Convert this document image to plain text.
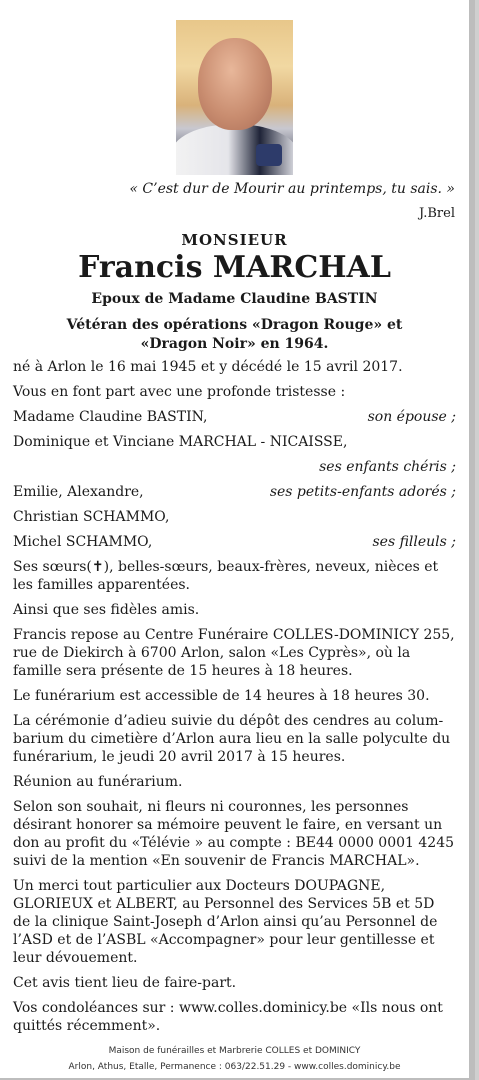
« C’est dur de Mourir au printemps, tu sais. »
J.Brel
MONSIEUR
Francis MARCHAL
Epoux de Madame Claudine BASTIN
Vétéran des opérations «Dragon Rouge» et
«Dragon Noir» en 1964.

né à Arlon le 16 mai 1945 et y décédé le 15 avril 2017.

Vous en font part avec une profonde tristesse :

Madame Claudine BASTIN,	son épouse ;
Dominique et Vinciane MARCHAL - NICAISSE,
ses enfants chéris ;
Emilie, Alexandre,	ses petits-enfants adorés ;
Christian SCHAMMO,
Michel SCHAMMO,	ses filleuls ;

Ses sœurs(✝), belles-sœurs, beaux-frères, neveux, nièces et les familles apparentées.

Ainsi que ses fidèles amis.

Francis repose au Centre Funéraire COLLES-DOMINICY 255, rue de Diekirch à 6700 Arlon, salon «Les Cyprès», où la famille sera présente de 15 heures à 18 heures.

Le funérarium est accessible de 14 heures à 18 heures 30.

La cérémonie d’adieu suivie du dépôt des cendres au colum- barium du cimetière d’Arlon aura lieu en la salle polyculte du funérarium, le jeudi 20 avril 2017 à 15 heures.

Réunion au funérarium.

Selon son souhait, ni fleurs ni couronnes, les personnes désirant honorer sa mémoire peuvent le faire, en versant un don au profit du «Télévie » au compte : BE44 0000 0001 4245 suivi de la mention «En souvenir de Francis MARCHAL».

Un merci tout particulier aux Docteurs DOUPAGNE, GLORIEUX et ALBERT, au Personnel des Services 5B et 5D de la clinique Saint-Joseph d’Arlon ainsi qu’au Personnel de l’ASD et de l’ASBL «Accompagner» pour leur gentillesse et leur dévouement.

Cet avis tient lieu de faire-part.

Vos condoléances sur : www.colles.dominicy.be «Ils nous ont quittés récemment».

Maison de funérailles et Marbrerie COLLES et DOMINICY
Arlon, Athus, Etalle, Permanence : 063/22.51.29 - www.colles.dominicy.be
